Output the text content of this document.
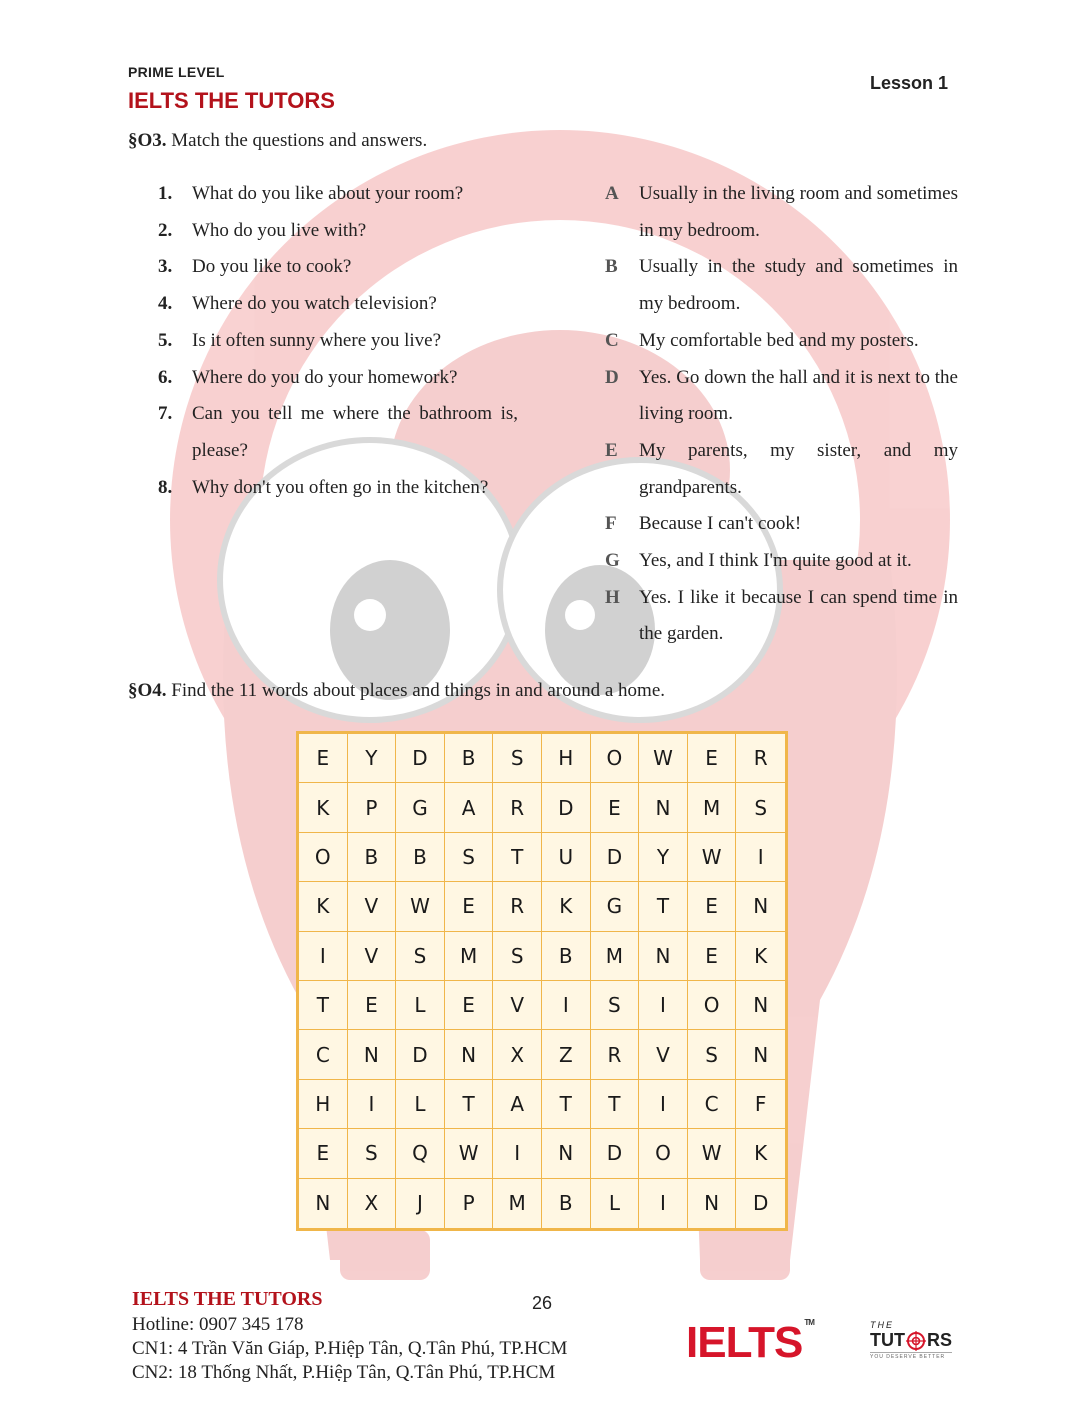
PRIME LEVEL
IELTS THE TUTORS
Lesson 1
§O3. Match the questions and answers.
1.	What do you like about your room?
2.	Who do you live with?
3.	Do you like to cook?
4.	Where do you watch television?
5.	Is it often sunny where you live?
6.	Where do you do your homework?
7.	Can you tell me where the bathroom is, please?
8.	Why don't you often go in the kitchen?
A	Usually in the living room and sometimes in my bedroom.
B	Usually in the study and sometimes in my bedroom.
C	My comfortable bed and my posters.
D	Yes. Go down the hall and it is next to the living room.
E	My parents, my sister, and my grandparents.
F	Because I can't cook!
G	Yes, and I think I'm quite good at it.
H	Yes. I like it because I can spend time in the garden.
§O4. Find the 11 words about places and things in and around a home.
E	Y	D	B	S	H	O	W	E	R
K	P	G	A	R	D	E	N	M	S
O	B	B	S	T	U	D	Y	W	I
K	V	W	E	R	K	G	T	E	N
I	V	S	M	S	B	M	N	E	K
T	E	L	E	V	I	S	I	O	N
C	N	D	N	X	Z	R	V	S	N
H	I	L	T	A	T	T	I	C	F
E	S	Q	W	I	N	D	O	W	K
N	X	J	P	M	B	L	I	N	D
IELTS THE TUTORS	26
Hotline: 0907 345 178
CN1: 4 Trần Văn Giáp, P.Hiệp Tân, Q.Tân Phú, TP.HCM
CN2: 18 Thống Nhất, P.Hiệp Tân, Q.Tân Phú, TP.HCM
IELTS ™	THE
TUT RS
YOU DESERVE BETTER
